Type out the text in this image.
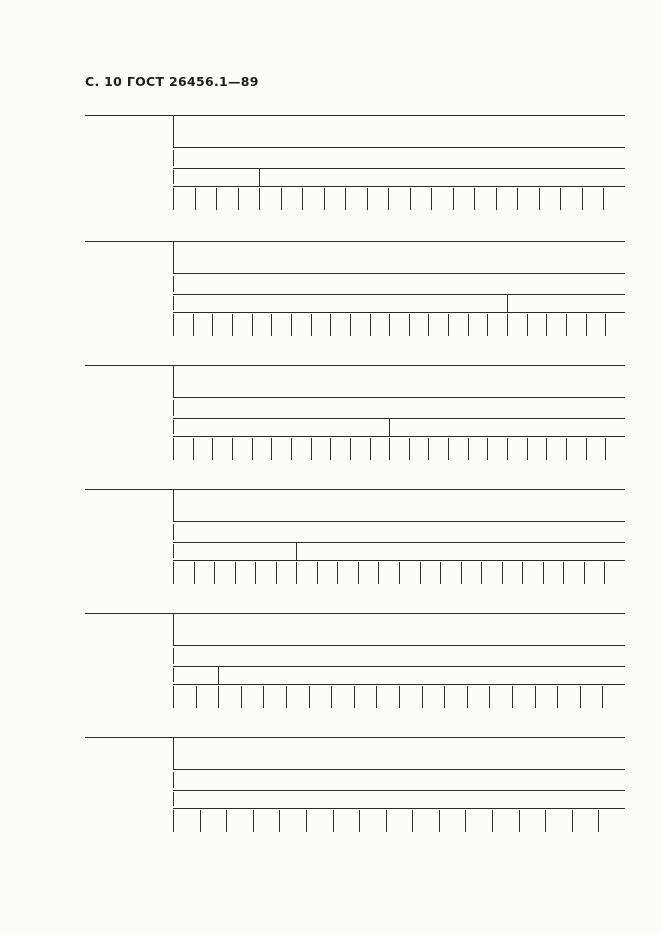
С. 10 ГОСТ 26456.1—89
